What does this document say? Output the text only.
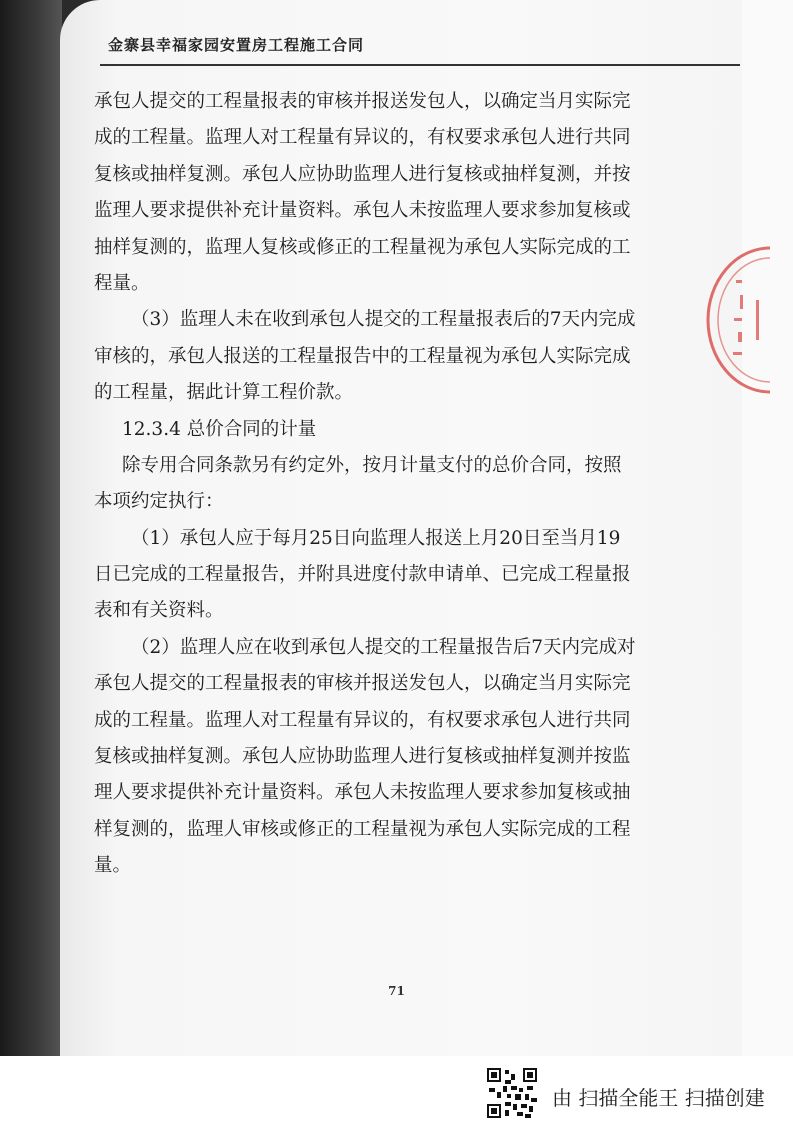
金寨县幸福家园安置房工程施工合同
承包人提交的工程量报表的审核并报送发包人，以确定当月实际完
成的工程量。监理人对工程量有异议的，有权要求承包人进行共同
复核或抽样复测。承包人应协助监理人进行复核或抽样复测，并按
监理人要求提供补充计量资料。承包人未按监理人要求参加复核或
抽样复测的，监理人复核或修正的工程量视为承包人实际完成的工
程量。
（3）监理人未在收到承包人提交的工程量报表后的7天内完成
审核的，承包人报送的工程量报告中的工程量视为承包人实际完成
的工程量，据此计算工程价款。
12.3.4 总价合同的计量
除专用合同条款另有约定外，按月计量支付的总价合同，按照
本项约定执行：
（1）承包人应于每月25日向监理人报送上月20日至当月19
日已完成的工程量报告，并附具进度付款申请单、已完成工程量报
表和有关资料。
（2）监理人应在收到承包人提交的工程量报告后7天内完成对
承包人提交的工程量报表的审核并报送发包人，以确定当月实际完
成的工程量。监理人对工程量有异议的，有权要求承包人进行共同
复核或抽样复测。承包人应协助监理人进行复核或抽样复测并按监
理人要求提供补充计量资料。承包人未按监理人要求参加复核或抽
样复测的，监理人审核或修正的工程量视为承包人实际完成的工程
量。
71
由 扫描全能王 扫描创建
